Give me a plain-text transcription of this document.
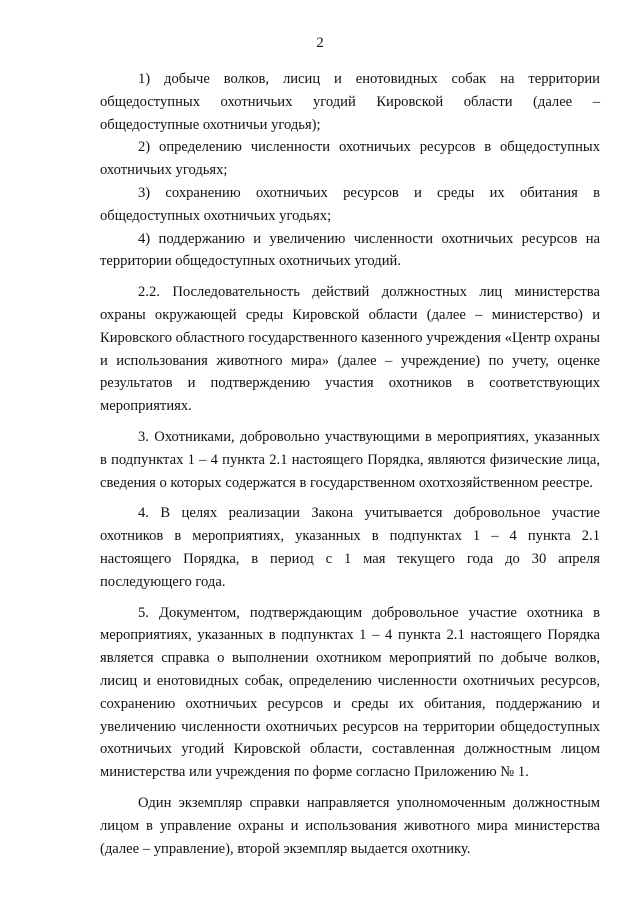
2

1) добыче волков, лисиц и енотовидных собак на территории общедоступных охотничьих угодий Кировской области (далее – общедоступные охотничьи угодья);

2) определению численности охотничьих ресурсов в общедоступных охотничьих угодьях;

3) сохранению охотничьих ресурсов и среды их обитания в общедоступных охотничьих угодьях;

4) поддержанию и увеличению численности охотничьих ресурсов на территории общедоступных охотничьих угодий.

2.2. Последовательность действий должностных лиц министерства охраны окружающей среды Кировской области (далее – министерство) и Кировского областного государственного казенного учреждения «Центр охраны и использования животного мира» (далее – учреждение) по учету, оценке результатов и подтверждению участия охотников в соответствующих мероприятиях.

3. Охотниками, добровольно участвующими в мероприятиях, указанных в подпунктах 1 – 4 пункта 2.1 настоящего Порядка, являются физические лица, сведения о которых содержатся в государственном охотхозяйственном реестре.

4. В целях реализации Закона учитывается добровольное участие охотников в мероприятиях, указанных в подпунктах 1 – 4 пункта 2.1 настоящего Порядка, в период с 1 мая текущего года до 30 апреля последующего года.

5. Документом, подтверждающим добровольное участие охотника в мероприятиях, указанных в подпунктах 1 – 4 пункта 2.1 настоящего Порядка является справка о выполнении охотником мероприятий по добыче волков, лисиц и енотовидных собак, определению численности охотничьих ресурсов, сохранению охотничьих ресурсов и среды их обитания, поддержанию и увеличению численности охотничьих ресурсов на территории общедоступных охотничьих угодий Кировской области, составленная должностным лицом министерства или учреждения по форме согласно Приложению № 1.

Один экземпляр справки направляется уполномоченным должностным лицом в управление охраны и использования животного мира министерства (далее – управление), второй экземпляр выдается охотнику.
